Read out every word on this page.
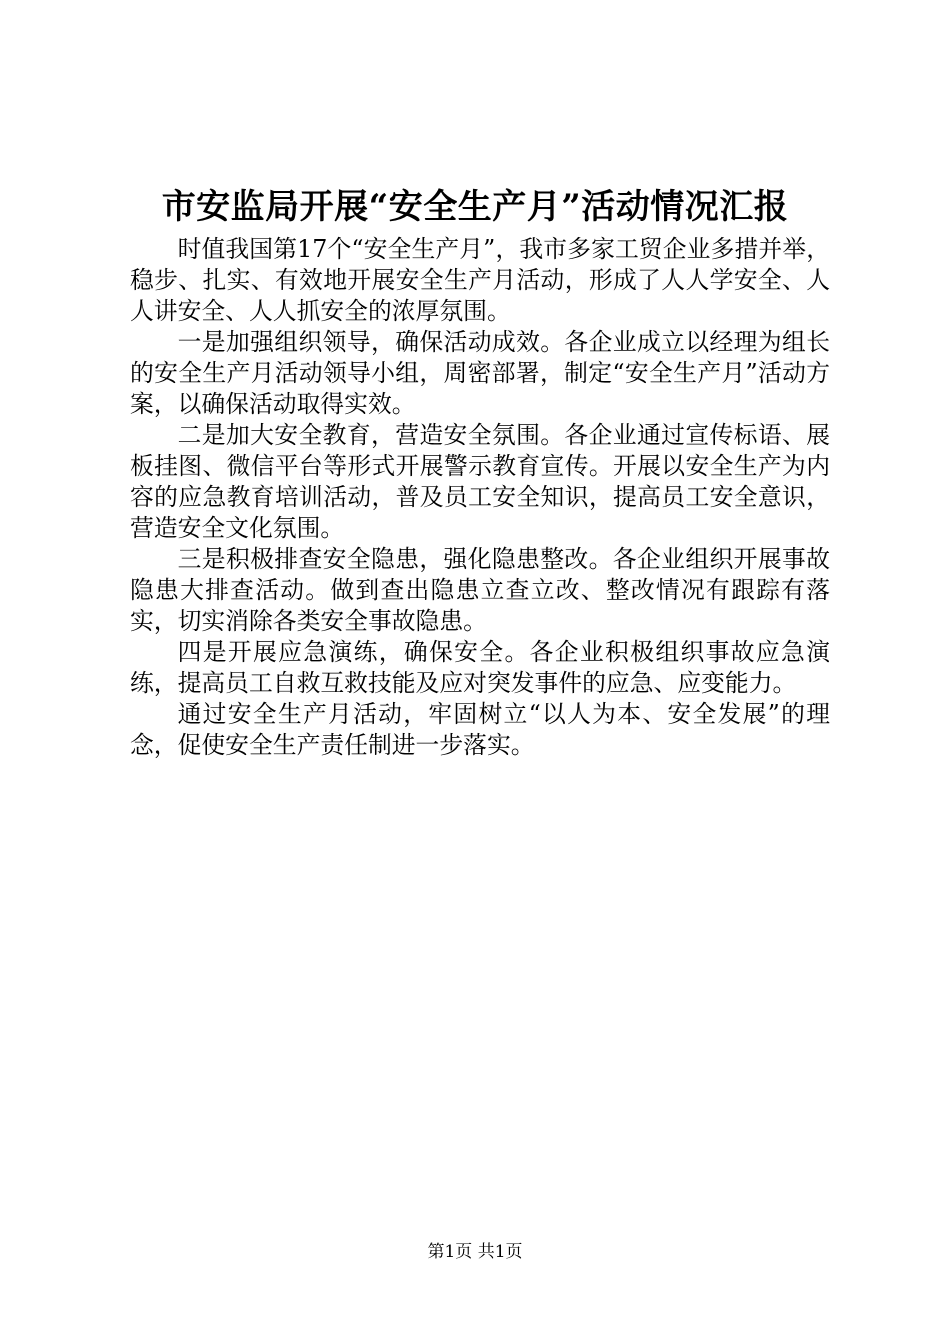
市安监局开展“安全生产月”活动情况汇报

时值我国第17个“安全生产月”，我市多家工贸企业多措并举，稳步、扎实、有效地开展安全生产月活动，形成了人人学安全、人人讲安全、人人抓安全的浓厚氛围。

一是加强组织领导，确保活动成效。各企业成立以经理为组长的安全生产月活动领导小组，周密部署，制定“安全生产月”活动方案，以确保活动取得实效。

二是加大安全教育，营造安全氛围。各企业通过宣传标语、展板挂图、微信平台等形式开展警示教育宣传。开展以安全生产为内容的应急教育培训活动，普及员工安全知识，提高员工安全意识，营造安全文化氛围。

三是积极排查安全隐患，强化隐患整改。各企业组织开展事故隐患大排查活动。做到查出隐患立查立改、整改情况有跟踪有落实，切实消除各类安全事故隐患。

四是开展应急演练，确保安全。各企业积极组织事故应急演练，提高员工自救互救技能及应对突发事件的应急、应变能力。

通过安全生产月活动，牢固树立“以人为本、安全发展”的理念，促使安全生产责任制进一步落实。

第1页 共1页
